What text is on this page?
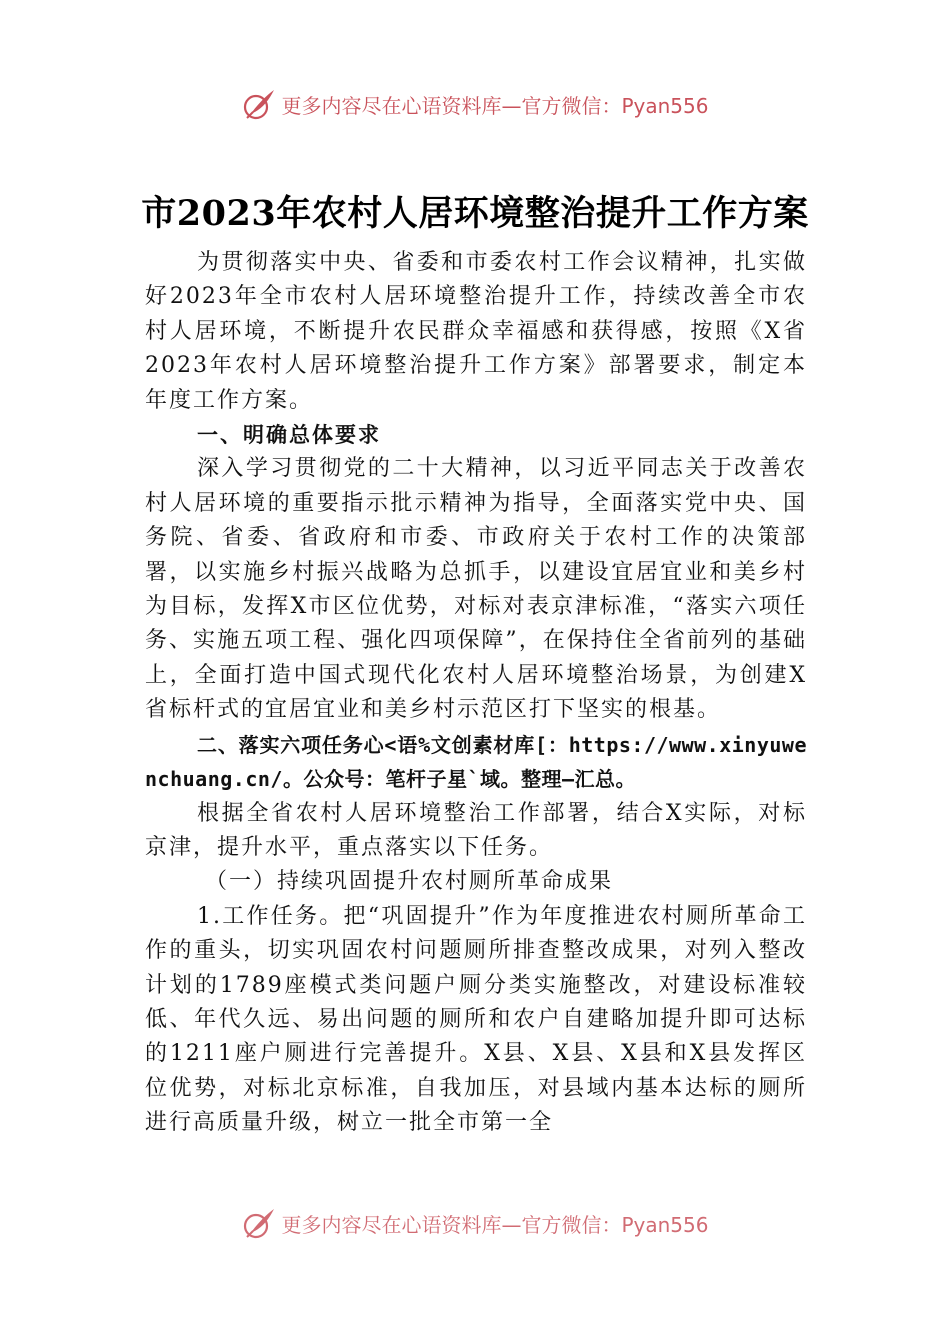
更多内容尽在心语资料库—官方微信：Pyan556
市2023年农村人居环境整治提升工作方案

为贯彻落实中央、省委和市委农村工作会议精神，扎实做好2023年全市农村人居环境整治提升工作，持续改善全市农村人居环境，不断提升农民群众幸福感和获得感，按照《X省2023年农村人居环境整治提升工作方案》部署要求，制定本年度工作方案。

一、明确总体要求

深入学习贯彻党的二十大精神，以习近平同志关于改善农村人居环境的重要指示批示精神为指导，全面落实党中央、国务院、省委、省政府和市委、市政府关于农村工作的决策部署，以实施乡村振兴战略为总抓手，以建设宜居宜业和美乡村为目标，发挥X市区位优势，对标对表京津标准，“落实六项任务、实施五项工程、强化四项保障”，在保持住全省前列的基础上，全面打造中国式现代化农村人居环境整治场景，为创建X省标杆式的宜居宜业和美乡村示范区打下坚实的根基。

二、落实六项任务心<语%文创素材库[：https://www.xinyuwenchuang.cn/。公众号：笔杆子星`域。整理—汇总。

根据全省农村人居环境整治工作部署，结合X实际，对标京津，提升水平，重点落实以下任务。

（一）持续巩固提升农村厕所革命成果

1.工作任务。把“巩固提升”作为年度推进农村厕所革命工作的重头，切实巩固农村问题厕所排查整改成果，对列入整改计划的1789座模式类问题户厕分类实施整改，对建设标准较低、年代久远、易出问题的厕所和农户自建略加提升即可达标的1211座户厕进行完善提升。X县、X县、X县和X县发挥区位优势，对标北京标准，自我加压，对县域内基本达标的厕所进行高质量升级，树立一批全市第一全

更多内容尽在心语资料库—官方微信：Pyan556
